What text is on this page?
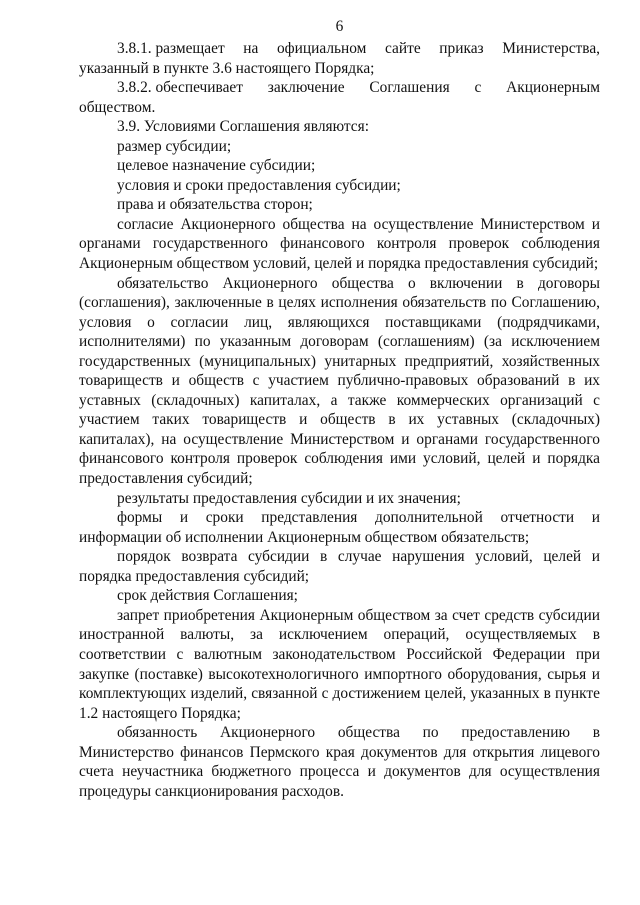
6
3.8.1. размещает на официальном сайте приказ Министерства,
указанный в пункте 3.6 настоящего Порядка;
3.8.2. обеспечивает заключение Соглашения с Акционерным
обществом.

3.9. Условиями Соглашения являются:

размер субсидии;

целевое назначение субсидии;

условия и сроки предоставления субсидии;

права и обязательства сторон;

согласие Акционерного общества на осуществление Министерством и органами государственного финансового контроля проверок соблюдения Акционерным обществом условий, целей и порядка предоставления субсидий;

обязательство Акционерного общества о включении в договоры (соглашения), заключенные в целях исполнения обязательств по Соглашению, условия о согласии лиц, являющихся поставщиками (подрядчиками, исполнителями) по указанным договорам (соглашениям) (за исключением государственных (муниципальных) унитарных предприятий, хозяйственных товариществ и обществ с участием публично-правовых образований в их уставных (складочных) капиталах, а также коммерческих организаций с участием таких товариществ и обществ в их уставных (складочных) капиталах), на осуществление Министерством и органами государственного финансового контроля проверок соблюдения ими условий, целей и порядка предоставления субсидий;

результаты предоставления субсидии и их значения;

формы и сроки представления дополнительной отчетности и информации об исполнении Акционерным обществом обязательств;

порядок возврата субсидии в случае нарушения условий, целей и порядка предоставления субсидий;

срок действия Соглашения;

запрет приобретения Акционерным обществом за счет средств субсидии иностранной валюты, за исключением операций, осуществляемых в соответствии с валютным законодательством Российской Федерации при закупке (поставке) высокотехнологичного импортного оборудования, сырья и комплектующих изделий, связанной с достижением целей, указанных в пункте 1.2 настоящего Порядка;

обязанность Акционерного общества по предоставлению в Министерство финансов Пермского края документов для открытия лицевого счета неучастника бюджетного процесса и документов для осуществления процедуры санкционирования расходов.
